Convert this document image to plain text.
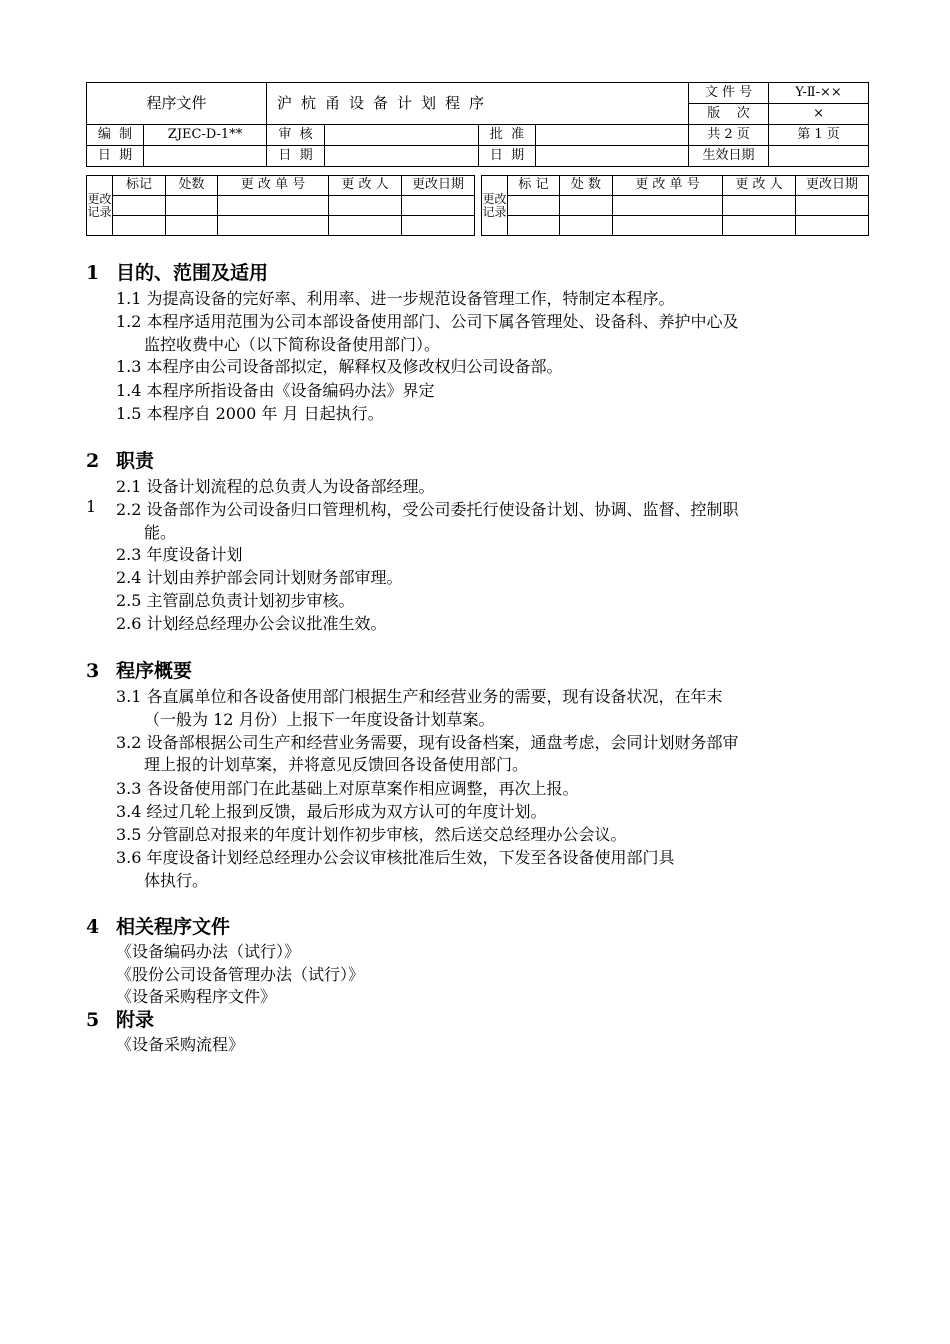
程序文件		沪杭甬设备计划程序				文 件 号	Y-Ⅱ-××
						版    次	×
编  制	ZJEC-D-1**	审  核		批  准		共 2 页	第 1 页
日  期		日  期		日  期		生效日期	
更改记录	标记	处数	更 改 单 号	更 改 人	更改日期

更改记录	标 记	处 数	更 改 单 号	更 改 人	更改日期

1 目的、范围及适用
1.1 为提高设备的完好率、利用率、进一步规范设备管理工作，特制定本程序。
1.2 本程序适用范围为公司本部设备使用部门、公司下属各管理处、设备科、养护中心及
监控收费中心（以下简称设备使用部门）。
1.3 本程序由公司设备部拟定，解释权及修改权归公司设备部。
1.4 本程序所指设备由《设备编码办法》界定
1.5 本程序自 2000 年 月 日起执行。
2 职责
2.1 设备计划流程的总负责人为设备部经理。
1 2.2 设备部作为公司设备归口管理机构，受公司委托行使设备计划、协调、监督、控制职
能。
2.3 年度设备计划
2.4 计划由养护部会同计划财务部审理。
2.5 主管副总负责计划初步审核。
2.6 计划经总经理办公会议批准生效。
3 程序概要
3.1 各直属单位和各设备使用部门根据生产和经营业务的需要，现有设备状况，在年末
（一般为 12 月份）上报下一年度设备计划草案。
3.2 设备部根据公司生产和经营业务需要，现有设备档案，通盘考虑，会同计划财务部审
理上报的计划草案，并将意见反馈回各设备使用部门。
3.3 各设备使用部门在此基础上对原草案作相应调整，再次上报。
3.4 经过几轮上报到反馈，最后形成为双方认可的年度计划。
3.5 分管副总对报来的年度计划作初步审核，然后送交总经理办公会议。
3.6 年度设备计划经总经理办公会议审核批准后生效，下发至各设备使用部门具
体执行。
4 相关程序文件
《设备编码办法（试行）》
《股份公司设备管理办法（试行）》
《设备采购程序文件》
5 附录
《设备采购流程》
